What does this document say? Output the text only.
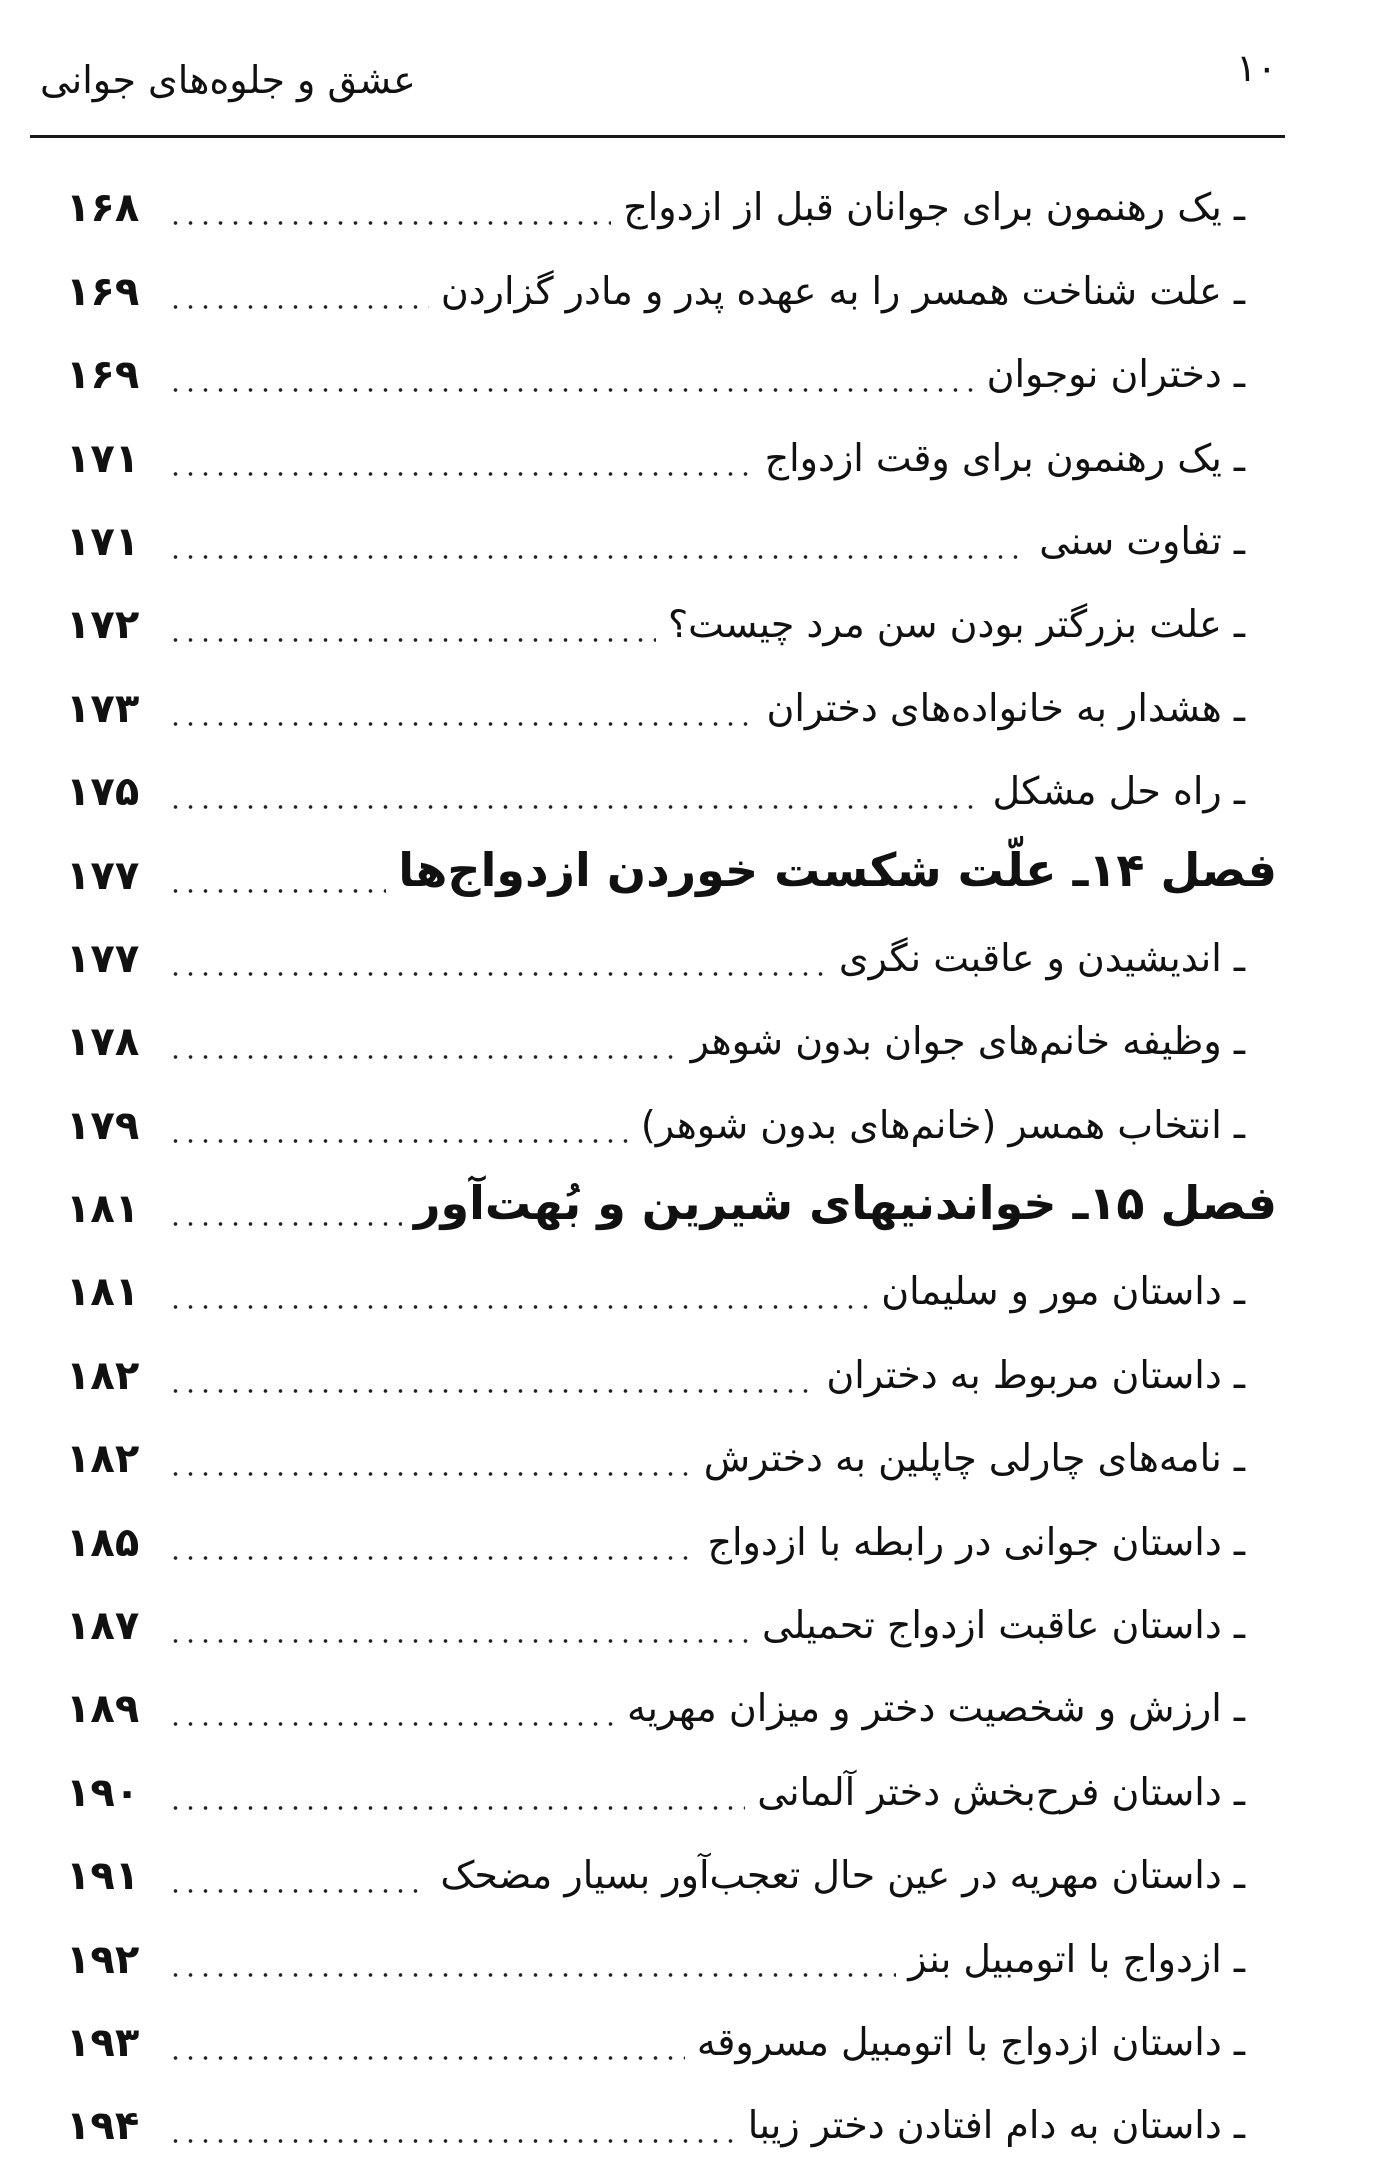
عشق و جلوه‌های جوانی	۱۰
۱۶۸	ـ یک رهنمون برای جوانان قبل از ازدواج
۱۶۹	ـ علت شناخت همسر را به عهده پدر و مادر گزاردن
۱۶۹	ـ دختران نوجوان
۱۷۱	ـ یک رهنمون برای وقت ازدواج
۱۷۱	ـ تفاوت سنی
۱۷۲	ـ علت بزرگتر بودن سن مرد چیست؟
۱۷۳	ـ هشدار به خانواده‌های دختران
۱۷۵	ـ راه حل مشکل
۱۷۷	فصل ۱۴ـ علّت شکست خوردن ازدواج‌ها
۱۷۷	ـ اندیشیدن و عاقبت نگری
۱۷۸	ـ وظیفه خانم‌های جوان بدون شوهر
۱۷۹	ـ انتخاب همسر (خانم‌های بدون شوهر)
۱۸۱	فصل ۱۵ـ خواندنیهای شیرین و بُهت‌آور
۱۸۱	ـ داستان مور و سلیمان
۱۸۲	ـ داستان مربوط به دختران
۱۸۲	ـ نامه‌های چارلی چاپلین به دخترش
۱۸۵	ـ داستان جوانی در رابطه با ازدواج
۱۸۷	ـ داستان عاقبت ازدواج تحمیلی
۱۸۹	ـ ارزش و شخصیت دختر و میزان مهریه
۱۹۰	ـ داستان فرح‌بخش دختر آلمانی
۱۹۱	ـ داستان مهریه در عین حال تعجب‌آور بسیار مضحک
۱۹۲	ـ ازدواج با اتومبیل بنز
۱۹۳	ـ داستان ازدواج با اتومبیل مسروقه
۱۹۴	ـ داستان به دام افتادن دختر زیبا
